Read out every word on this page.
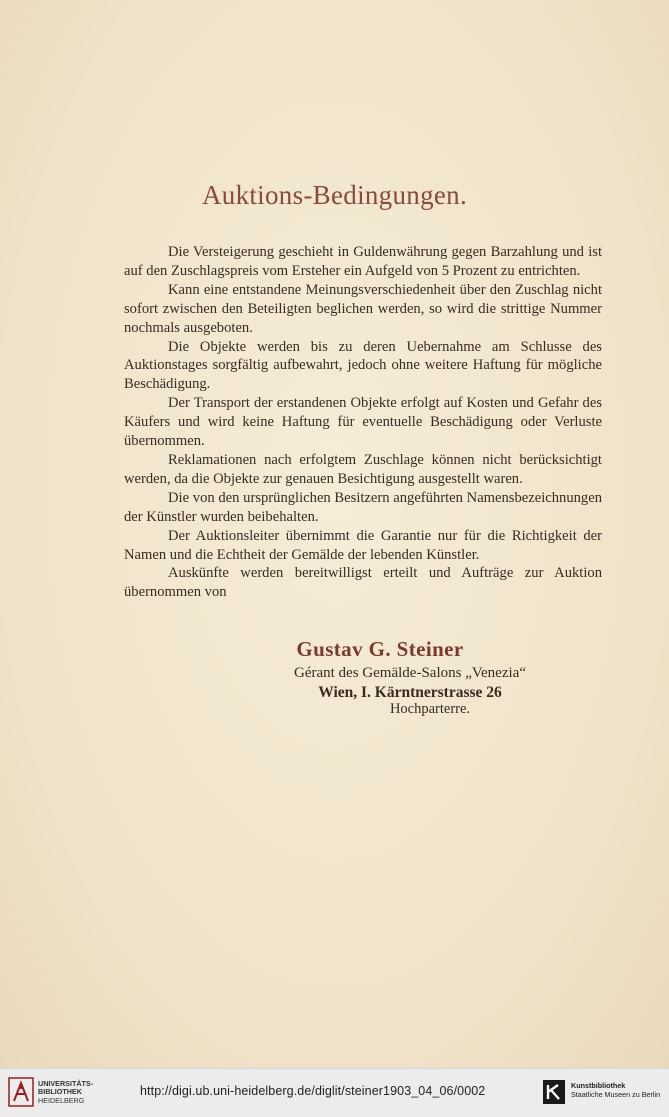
Auktions-Bedingungen.

Die Versteigerung geschieht in Guldenwährung gegen Barzahlung und ist auf den Zuschlagspreis vom Ersteher ein Aufgeld von 5 Prozent zu entrichten.

Kann eine entstandene Meinungsverschiedenheit über den Zuschlag nicht sofort zwischen den Beteiligten beglichen werden, so wird die strittige Nummer nochmals ausgeboten.

Die Objekte werden bis zu deren Uebernahme am Schlusse des Auktionstages sorgfältig aufbewahrt, jedoch ohne weitere Haftung für mögliche Beschädigung.

Der Transport der erstandenen Objekte erfolgt auf Kosten und Gefahr des Käufers und wird keine Haftung für eventuelle Beschädigung oder Verluste übernommen.

Reklamationen nach erfolgtem Zuschlage können nicht berücksichtigt werden, da die Objekte zur genauen Besichtigung ausgestellt waren.

Die von den ursprünglichen Besitzern angeführten Namensbezeichnungen der Künstler wurden beibehalten.

Der Auktionsleiter übernimmt die Garantie nur für die Richtigkeit der Namen und die Echtheit der Gemälde der lebenden Künstler.

Auskünfte werden bereitwilligst erteilt und Aufträge zur Auktion übernommen von

Gustav G. Steiner
Gérant des Gemälde-Salons „Venezia“
Wien, I. Kärntnerstrasse 26
Hochparterre.
UNIVERSITÄTS-
BIBLIOTHEK
HEIDELBERG
http://digi.ub.uni-heidelberg.de/diglit/steiner1903_04_06/0002	Kunstbibliothek
Staatliche Museen zu Berlin
